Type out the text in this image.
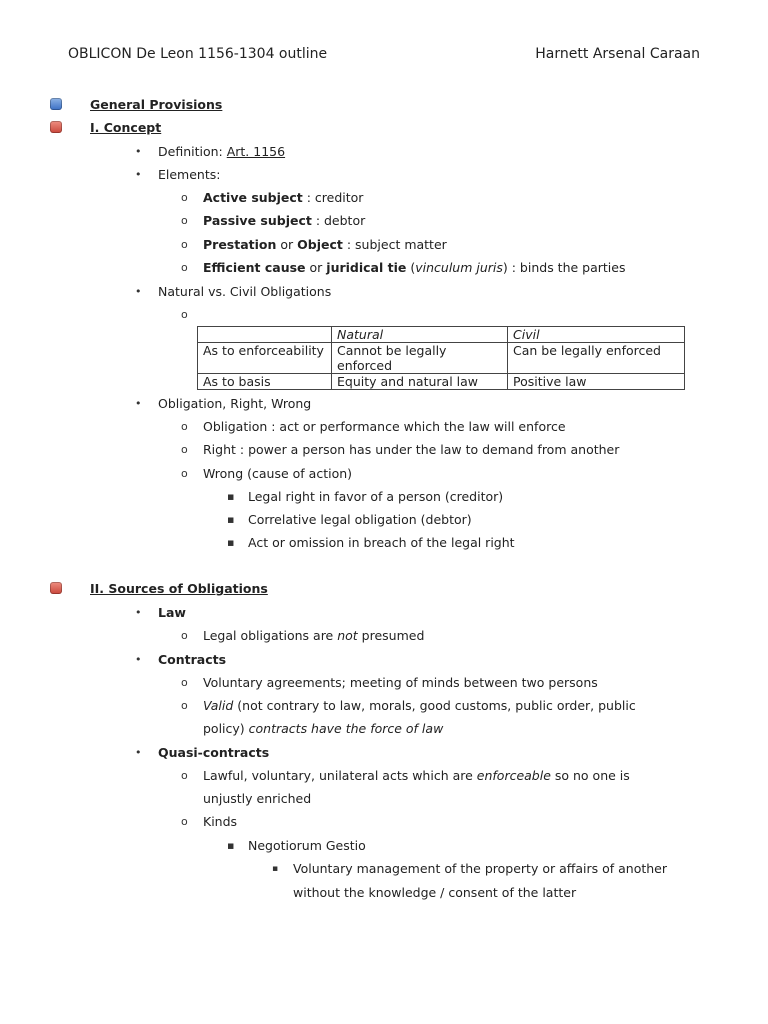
OBLICON De Leon 1156-1304 outline	Harnett Arsenal Caraan
General Provisions
I. Concept
• Definition: Art. 1156
• Elements:
o Active subject : creditor
o Passive subject : debtor
o Prestation or Object : subject matter
o Efficient cause or juridical tie (vinculum juris) : binds the parties
• Natural vs. Civil Obligations
o
	Natural	Civil
As to enforceability	Cannot be legally enforced	Can be legally enforced
As to basis	Equity and natural law	Positive law
• Obligation, Right, Wrong
o Obligation : act or performance which the law will enforce
o Right : power a person has under the law to demand from another
o Wrong (cause of action)
▪ Legal right in favor of a person (creditor)
▪ Correlative legal obligation (debtor)
▪ Act or omission in breach of the legal right
II. Sources of Obligations
• Law
o Legal obligations are not presumed
• Contracts
o Voluntary agreements; meeting of minds between two persons
o Valid (not contrary to law, morals, good customs, public order, public
policy) contracts have the force of law
• Quasi-contracts
o Lawful, voluntary, unilateral acts which are enforceable so no one is
unjustly enriched
o Kinds
▪ Negotiorum Gestio
▪ Voluntary management of the property or affairs of another
without the knowledge / consent of the latter
